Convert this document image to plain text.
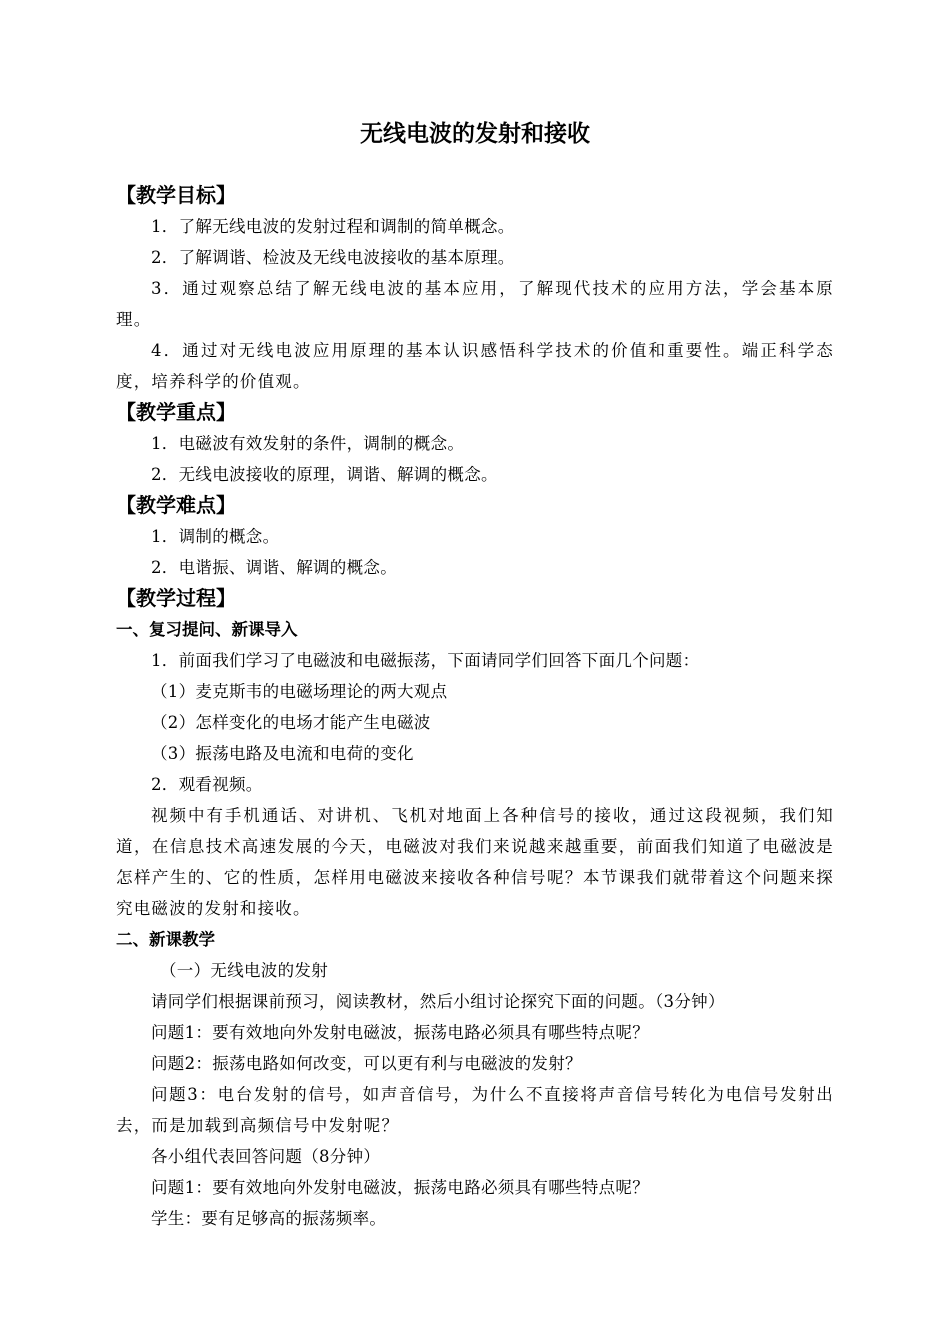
无线电波的发射和接收
【教学目标】
1．了解无线电波的发射过程和调制的简单概念。
2．了解调谐、检波及无线电波接收的基本原理。
3．通过观察总结了解无线电波的基本应用，了解现代技术的应用方法，学会基本原理。
4．通过对无线电波应用原理的基本认识感悟科学技术的价值和重要性。端正科学态度，培养科学的价值观。
【教学重点】
1．电磁波有效发射的条件，调制的概念。
2．无线电波接收的原理，调谐、解调的概念。
【教学难点】
1．调制的概念。
2．电谐振、调谐、解调的概念。
【教学过程】
一、复习提问、新课导入
1．前面我们学习了电磁波和电磁振荡，下面请同学们回答下面几个问题：
（1）麦克斯韦的电磁场理论的两大观点
（2）怎样变化的电场才能产生电磁波
（3）振荡电路及电流和电荷的变化
2．观看视频。
视频中有手机通话、对讲机、飞机对地面上各种信号的接收，通过这段视频，我们知道，在信息技术高速发展的今天，电磁波对我们来说越来越重要，前面我们知道了电磁波是怎样产生的、它的性质，怎样用电磁波来接收各种信号呢？本节课我们就带着这个问题来探究电磁波的发射和接收。
二、新课教学
（一）无线电波的发射
请同学们根据课前预习，阅读教材，然后小组讨论探究下面的问题。（3分钟）
问题1：要有效地向外发射电磁波，振荡电路必须具有哪些特点呢？
问题2：振荡电路如何改变，可以更有利与电磁波的发射？
问题3：电台发射的信号，如声音信号，为什么不直接将声音信号转化为电信号发射出去，而是加载到高频信号中发射呢？
各小组代表回答问题（8分钟）
问题1：要有效地向外发射电磁波，振荡电路必须具有哪些特点呢？
学生：要有足够高的振荡频率。
